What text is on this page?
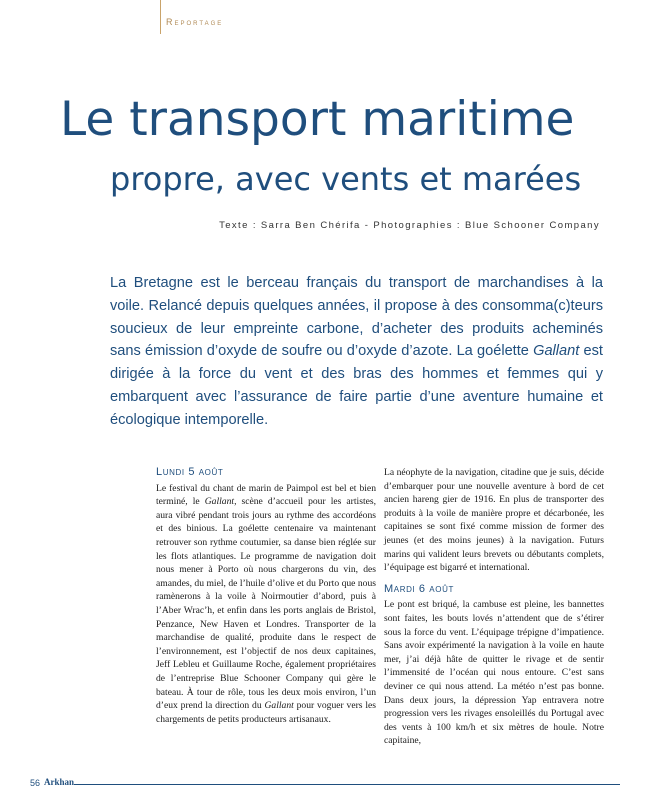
Reportage
Le transport maritime
propre, avec vents et marées
Texte : Sarra Ben Chérifa - Photographies : Blue Schooner Company

La Bretagne est le berceau français du transport de marchandises à la voile. Relancé depuis quelques années, il propose à des consomma(c)teurs soucieux de leur empreinte carbone, d’acheter des produits acheminés sans émission d’oxyde de soufre ou d’oxyde d’azote. La goélette Gallant est dirigée à la force du vent et des bras des hommes et femmes qui y embarquent avec l’assurance de faire partie d’une aventure humaine et écologique intemporelle.

Lundi 5 août

Le festival du chant de marin de Paimpol est bel et bien terminé, le Gallant, scène d’accueil pour les artistes, aura vibré pendant trois jours au rythme des accordéons et des binious. La goélette centenaire va maintenant retrouver son rythme coutumier, sa danse bien réglée sur les flots atlantiques. Le programme de navigation doit nous mener à Porto où nous chargerons du vin, des amandes, du miel, de l’huile d’olive et du Porto que nous ramènerons à la voile à Noirmoutier d’abord, puis à l’Aber Wrac’h, et enfin dans les ports anglais de Bristol, Penzance, New Haven et Londres. Transporter de la marchandise de qualité, produite dans le respect de l’environnement, est l’objectif de nos deux capitaines, Jeff Lebleu et Guillaume Roche, également propriétaires de l’entreprise Blue Schooner Company qui gère le bateau. À tour de rôle, tous les deux mois environ, l’un d’eux prend la direction du Gallant pour voguer vers les chargements de petits producteurs artisanaux.

La néophyte de la navigation, citadine que je suis, décide d’embarquer pour une nouvelle aventure à bord de cet ancien hareng gier de 1916. En plus de transporter des produits à la voile de manière propre et décarbonée, les capitaines se sont fixé comme mission de former des jeunes (et des moins jeunes) à la navigation. Futurs marins qui valident leurs brevets ou débutants complets, l’équipage est bigarré et international.

Mardi 6 août

Le pont est briqué, la cambuse est pleine, les bannettes sont faites, les bouts lovés n’attendent que de s’étirer sous la force du vent. L’équipage trépigne d’impatience. Sans avoir expérimenté la navigation à la voile en haute mer, j’ai déjà hâte de quitter le rivage et de sentir l’immensité de l’océan qui nous entoure. C’est sans deviner ce qui nous attend. La météo n’est pas bonne. Dans deux jours, la dépression Yap entravera notre progression vers les rivages ensoleillés du Portugal avec des vents à 100 km/h et six mètres de houle. Notre capitaine,

56 Arkhan
